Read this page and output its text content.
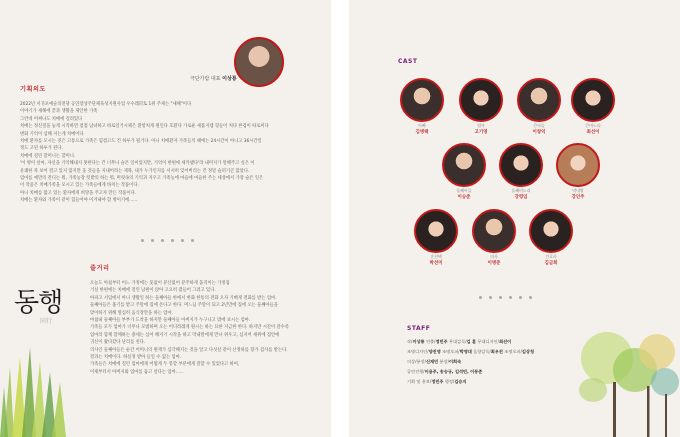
극단가람 대표 이상룡
기획의도

2022년 서귀포예술의전당 공연장상주단체육성지원사업 우수레퍼토 1위 주제는 "새해"이다

이야기가 새해에 끝과 생활을 제안한 가족

그런데 어쩌나도 치매에 걸려있다

치매는 정신질을 놓게 시작하면 점점 남녀하고 바로일거시체은 환항처게 원인다 호환다 가로운 새롭지템 형들이 처다 한겁이 따로미다

변화 기억이 심해 지는게 치매이다

치매 환자를 모시는 것은 고통으로 가족은 힘겹고도 건 하루가 될거다. 아니 치매환자 가족들의 때에는 24시간이 아니고 36시간일

정도 고된 하루가 된다.

치매에 걸린 할머니는 할머니.

'이 병이 실마, 자신을 기억해내지 못한다는 건 너무나 슬픈 일이었지만, 기억이 한편에 새카맸다'라 내머지가 말해주고 싶은 이

유쾌한 묵 보어 결고 있지 않지만 웃 것들을 지내어라는 제목, 내가 누가인지를 서서히 잊어버리는 건 정말 슬퍼기곤 않았다.

엄마를 예만의 잔디는 뭐, 가족농장 텃밭의 하는 뭐, 머릿속의 기억과 지우고 가족농에 마음에 마음한 주는 세상에서 가장 슬픈 일은

이 작품은 치매가족을 모시고 있는 가족들에게 바치는 작품이다.

아니 치매를 앓고 있는 환자에게 희망을 주고자 만든 작품이다.

치매는 환자와 가족이 같이 힘들어야 이겨내야 할 병이기에......

줄거리

오늘도 아침부터 어느 가정에는 뭇없이 분산없어 분주하게 움직이는 가정집

거실 한편에는 치매에 걸린 남편이 앉아 고요히 잠들어 그려고 있다.

아파고 서임에서 아니 생활일 하는 둘째아들 한에서 한화 한통의 전화 오자 기뻐게 전화를 받는 엄마.

둘째아들은 홈기를 받고 주말에 집에 온다고 한다. 며느님 주말이 되고 2년만에 집에 오는 둘째아들을

맞이하기 위해 열심히 음식장만을 하는 엄마.

마침내 둘째아들 부부가 도착을 하지만 둘째아들 아버지가 누구니고 밖에 보시는 엄마.

가족들 모두 엄마가 너무나 모범하며 오는 어디라레게 원시는 하는 묘한 지금한 한다. 하지만 시간이 갈수록

엄마의 함께 할께하는 충세는 심어 해지기 시작을 하고 막내딸에게 만나 위우고, 심지어 새쥐에 집안에

귀신이 왔다갔다 난리를 친다.

의사인 둘째아들은 순간 어머니의 변재가 심각해지는 것을 알고 다섯살 같이 산정하를 향가 검사를 받는다.

결과는 치매이다. 하실정 받아 들일 수 없는 엄마.

가족들은 치매에 걸린 엄마에게 어떻게 두 봉할 부분에게 잘할 수 있었다고 하여,

이제부터서 아버지와 엄마를 돕고 살다는 엄마......

동행
同行
CAST
아빠
김병택
엄마
고기영
큰아들
이창익
큰며느리
최선이
둘째아들
이승준
둘째며느리
강령임
막내딸
강인주
순천댁
박선미
의사
이병준
간호사
김금희
STAFF
작/이상룡 연출/정민주 무대감독/김 훈 무대디자인/최선이
조명디자인/양진영 조명오퍼/박영대 음향감독/최우진 조명오퍼/김상청
의상/분장/신재민 분장/이희숙
공연진행/이용주, 송승규, 김석빈, 이동준
기획 및 홍보/정민주 행정/김승지
